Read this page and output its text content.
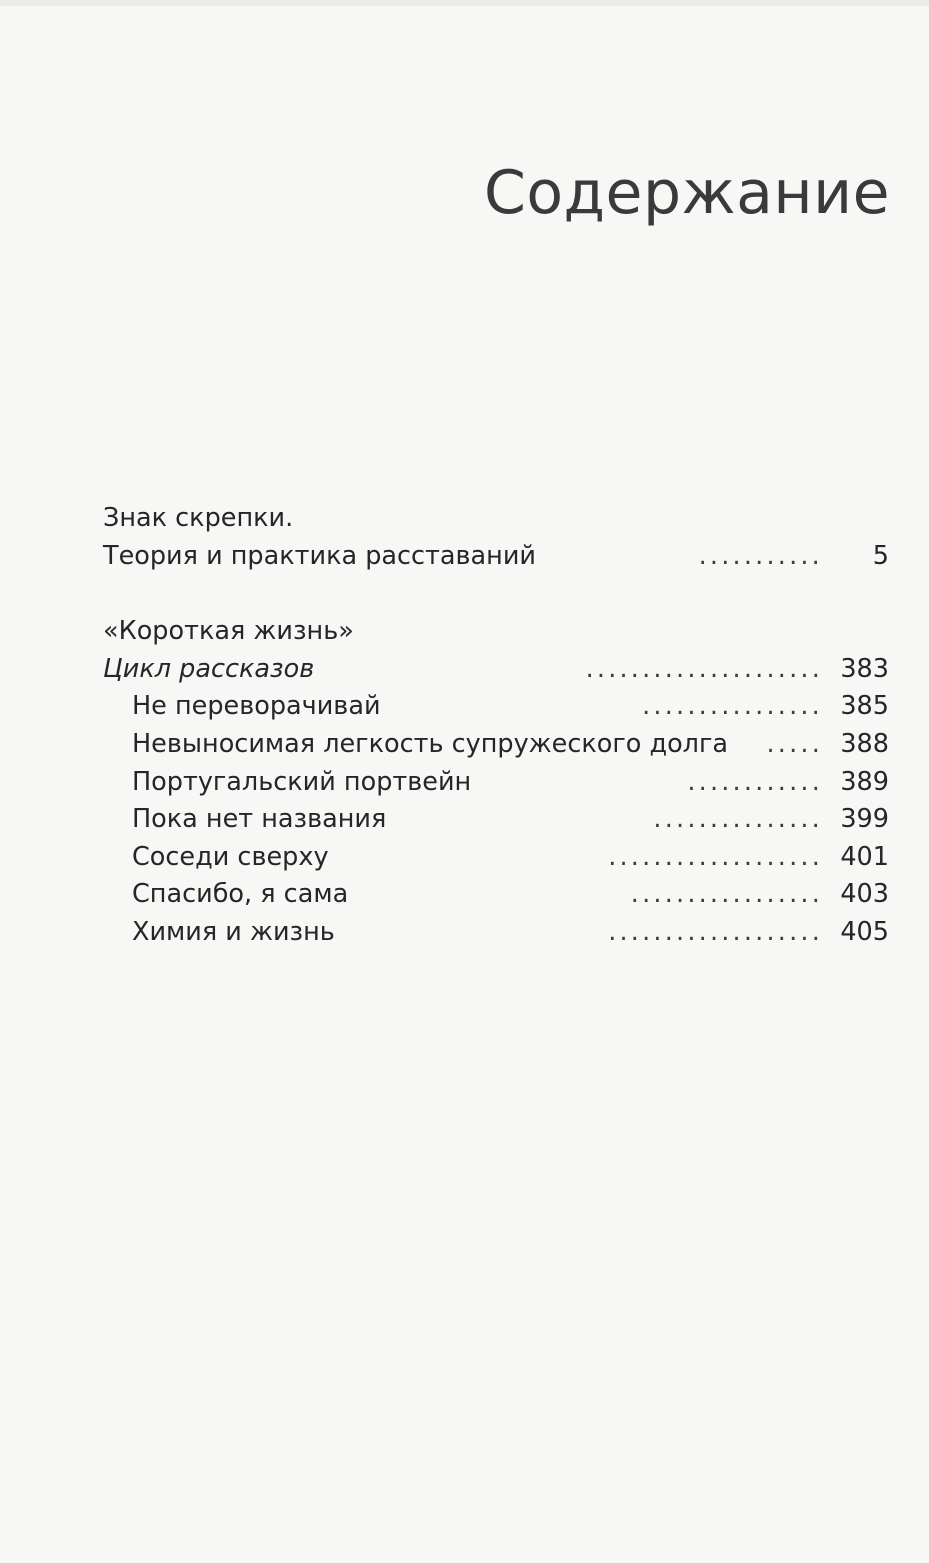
Содержание
Знак скрепки.
Теория и практика расставаний	...........	5
«Короткая жизнь»
Цикл рассказов	..................... 383
Не переворачивай	................ 385
Невыносимая легкость супружеского долга ..... 388
Португальский портвейн	............ 389
Пока нет названия	............... 399
Соседи сверху	................... 401
Спасибо, я сама	................. 403
Химия и жизнь	................... 405
